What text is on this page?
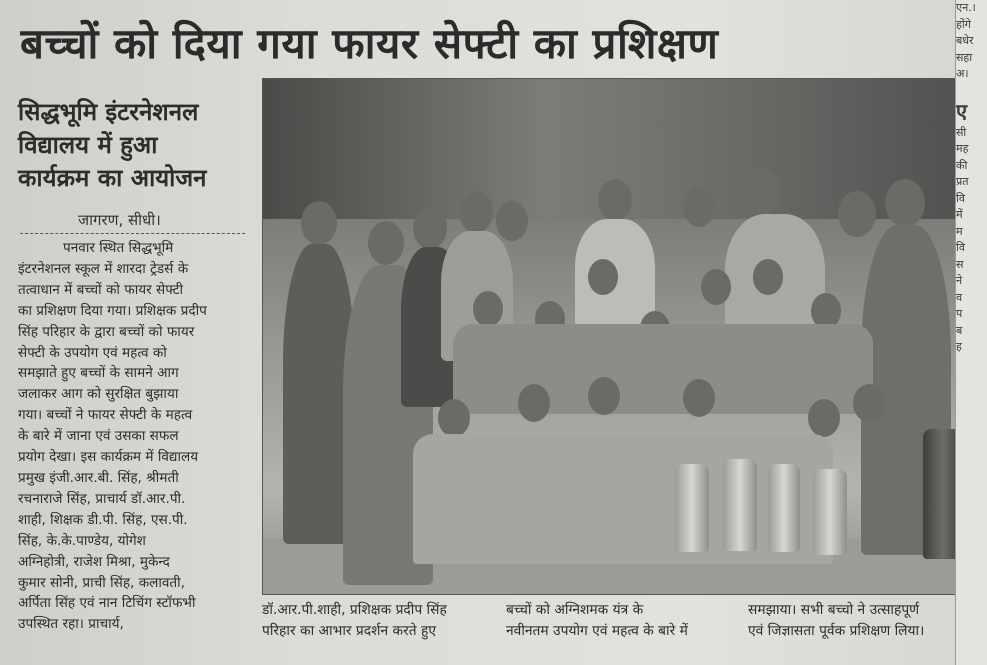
बच्चों को दिया गया फायर सेफ्टी का प्रशिक्षण
सिद्धभूमि इंटरनेशनल
विद्यालय में हुआ
कार्यक्रम का आयोजन
जागरण, सीधी।
पनवार स्थित सिद्धभूमि
इंटरनेशनल स्कूल में शारदा ट्रेडर्स के
तत्वाधान में बच्चों को फायर सेफ्टी
का प्रशिक्षण दिया गया। प्रशिक्षक प्रदीप
सिंह परिहार के द्वारा बच्चों को फायर
सेफ्टी के उपयोग एवं महत्व को
समझाते हुए बच्चों के सामने आग
जलाकर आग को सुरक्षित बुझाया
गया। बच्चों ने फायर सेफ्टी के महत्व
के बारे में जाना एवं उसका सफल
प्रयोग देखा। इस कार्यक्रम में विद्यालय
प्रमुख इंजी.आर.बी. सिंह, श्रीमती
रचनाराजे सिंह, प्राचार्य डॉ.आर.पी.
शाही, शिक्षक डी.पी. सिंह, एस.पी.
सिंह, के.के.पाण्डेय, योगेश
अग्निहोत्री, राजेश मिश्रा, मुकेन्द
कुमार सोनी, प्राची सिंह, कलावती,
अर्पिता सिंह एवं नान टिचिंग स्टॉफभी
उपस्थित रहा। प्राचार्य,
डॉ.आर.पी.शाही, प्रशिक्षक प्रदीप सिंह
परिहार का आभार प्रदर्शन करते हुए
बच्चों को अग्निशमक यंत्र के
नवीनतम उपयोग एवं महत्व के बारे में
समझाया। सभी बच्चो ने उत्साहपूर्ण
एवं जिज्ञासता पूर्वक प्रशिक्षण लिया।
एन.।
होंगे
बधेर
सहा
अ।
ए
सी
मह
की
प्रत
वि
में
म
वि
स
ने
व
प
ब
ह
